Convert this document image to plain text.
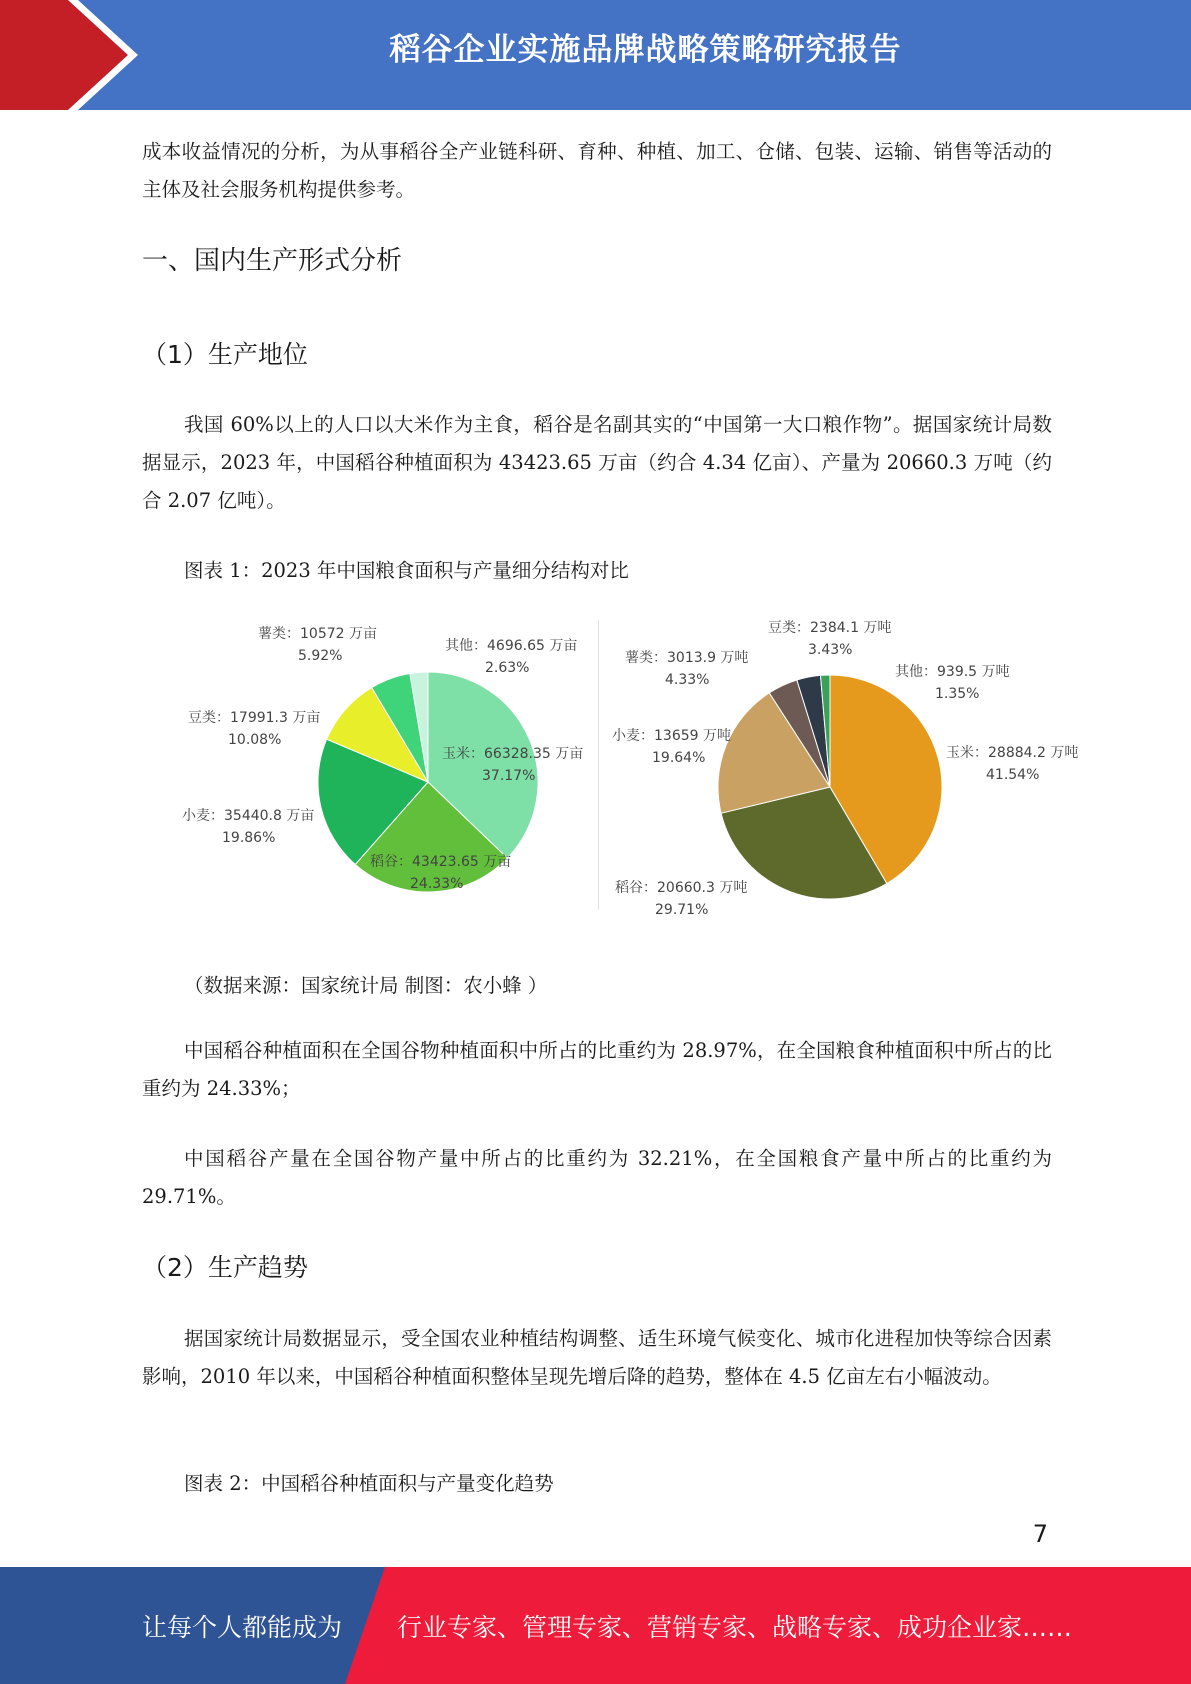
稻谷企业实施品牌战略策略研究报告
成本收益情况的分析，为从事稻谷全产业链科研、育种、种植、加工、仓储、包装、运输、销售等活动的主体及社会服务机构提供参考。
一、国内生产形式分析
（1）生产地位
我国 60%以上的人口以大米作为主食，稻谷是名副其实的“中国第一大口粮作物”。据国家统计局数据显示，2023 年，中国稻谷种植面积为 43423.65 万亩（约合 4.34 亿亩）、产量为 20660.3 万吨（约合 2.07 亿吨）。
图表 1：2023 年中国粮食面积与产量细分结构对比
玉米：66328.35 万亩
37.17%
稻谷：43423.65 万亩
24.33%
小麦：35440.8 万亩
19.86%
豆类：17991.3 万亩
10.08%
薯类：10572 万亩
5.92%
其他：4696.65 万亩
2.63%
玉米：28884.2 万吨
41.54%
稻谷：20660.3 万吨
29.71%
小麦：13659 万吨
19.64%
薯类：3013.9 万吨
4.33%
豆类：2384.1 万吨
3.43%
其他：939.5 万吨
1.35%
（数据来源：国家统计局 制图：农小蜂 ）
中国稻谷种植面积在全国谷物种植面积中所占的比重约为 28.97%，在全国粮食种植面积中所占的比重约为 24.33%；
中国稻谷产量在全国谷物产量中所占的比重约为 32.21%，在全国粮食产量中所占的比重约为 29.71%。
（2）生产趋势
据国家统计局数据显示，受全国农业种植结构调整、适生环境气候变化、城市化进程加快等综合因素影响，2010 年以来，中国稻谷种植面积整体呈现先增后降的趋势，整体在 4.5 亿亩左右小幅波动。
图表 2：中国稻谷种植面积与产量变化趋势
7
让每个人都能成为 行业专家、管理专家、营销专家、战略专家、成功企业家……
